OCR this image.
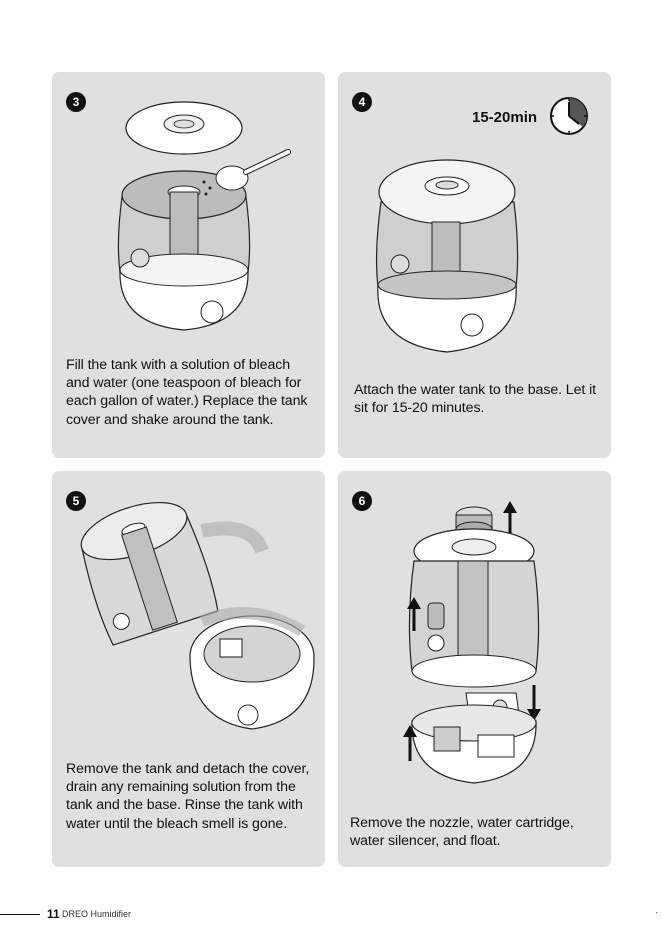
3
Fill the tank with a solution of bleach and water (one teaspoon of bleach for each gallon of water.) Replace the tank cover and shake around the tank.
4
15-20min
Attach the water tank to the base. Let it sit for 15-20 minutes.
5
Remove the tank and detach the cover, drain any remaining solution from the tank and the base. Rinse the tank with water until the bleach smell is gone.
6
Remove the nozzle, water cartridge, water silencer, and float.
11 DREO Humidifier	·
